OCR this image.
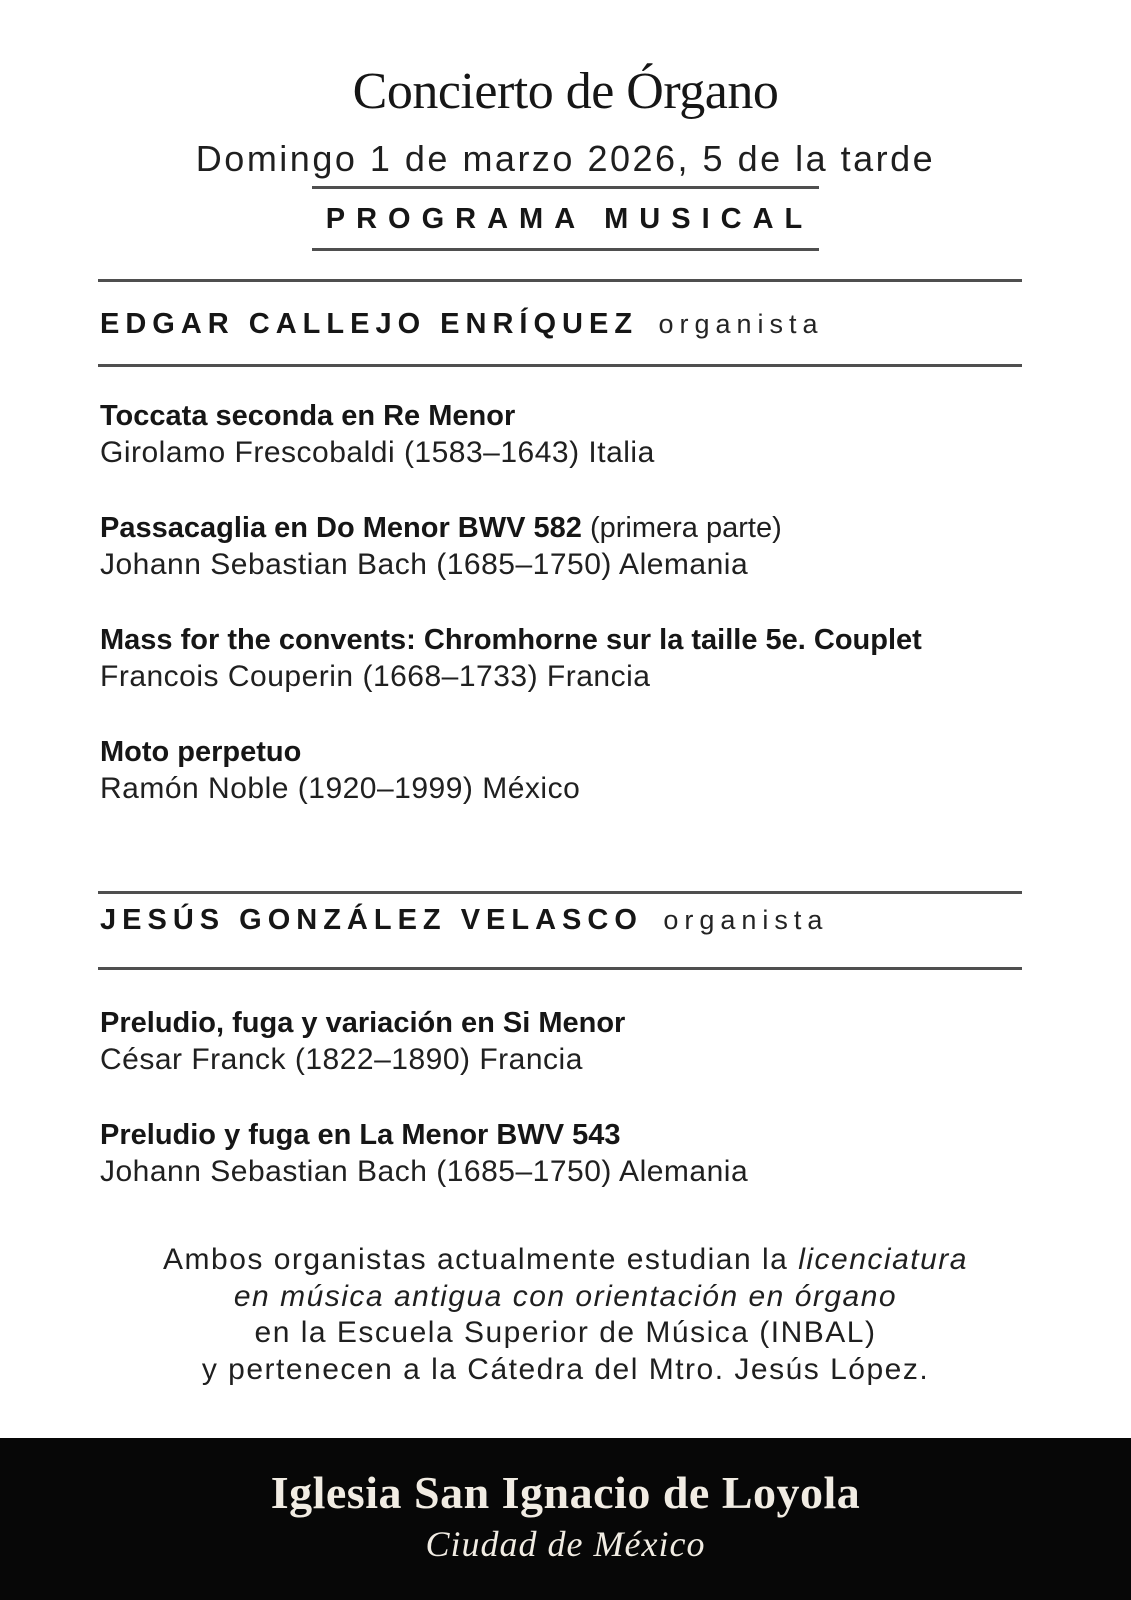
Concierto de Órgano
Domingo 1 de marzo 2026, 5 de la tarde
PROGRAMA MUSICAL
EDGAR CALLEJO ENRÍQUEZ organista
Toccata seconda en Re Menor
Girolamo Frescobaldi (1583–1643) Italia
Passacaglia en Do Menor BWV 582 (primera parte)
Johann Sebastian Bach (1685–1750) Alemania
Mass for the convents: Chromhorne sur la taille 5e. Couplet
Francois Couperin (1668–1733) Francia
Moto perpetuo
Ramón Noble (1920–1999) México
JESÚS GONZÁLEZ VELASCO organista
Preludio, fuga y variación en Si Menor
César Franck (1822–1890) Francia
Preludio y fuga en La Menor BWV 543
Johann Sebastian Bach (1685–1750) Alemania
Ambos organistas actualmente estudian la licenciatura
en música antigua con orientación en órgano
en la Escuela Superior de Música (INBAL)
y pertenecen a la Cátedra del Mtro. Jesús López.
Iglesia San Ignacio de Loyola
Ciudad de México
